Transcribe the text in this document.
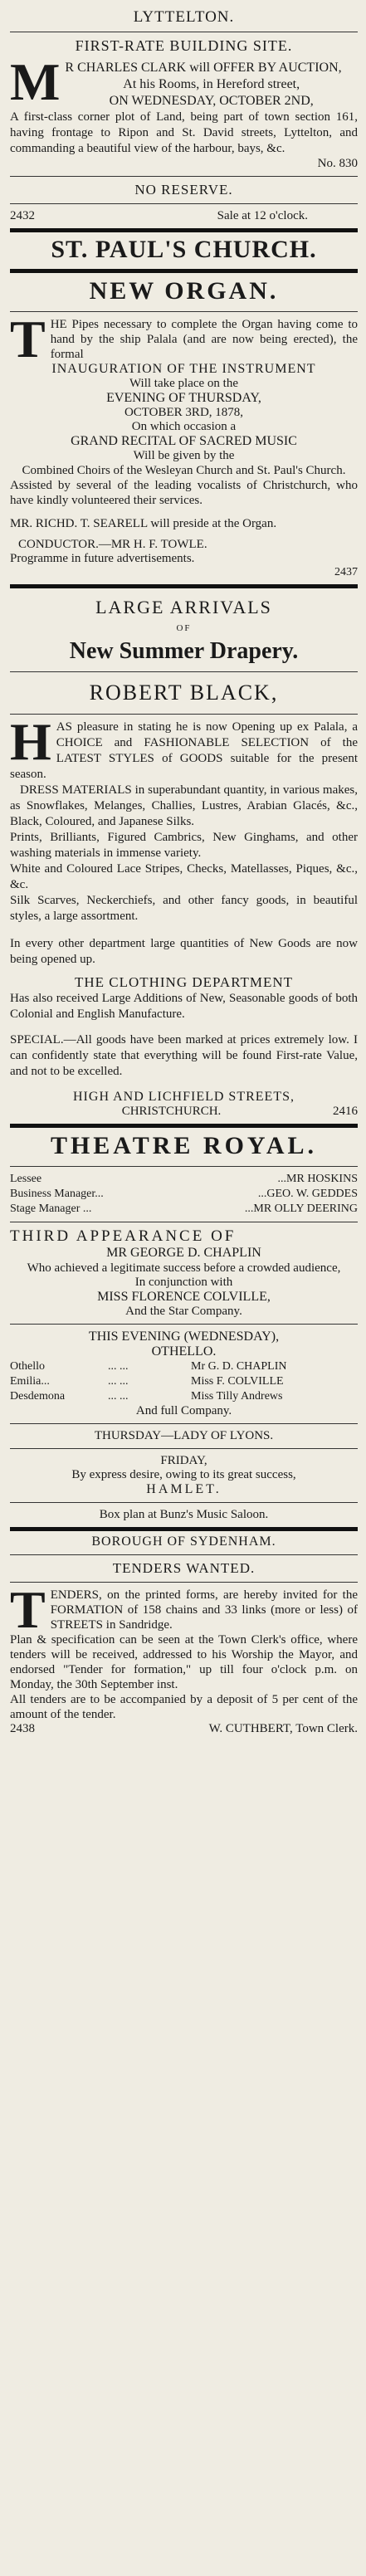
LYTTELTON.
FIRST-RATE BUILDING SITE.
M R CHARLES CLARK will OFFER BY AUCTION,

At his Rooms, in Hereford street,

ON WEDNESDAY, OCTOBER 2ND,

A first-class corner plot of Land, being part of town section 161, having frontage to Ripon and St. David streets, Lyttelton, and commanding a beautiful view of the harbour, bays, &c.

No. 830

NO RESERVE.
2432	Sale at 12 o'clock.
ST. PAUL'S CHURCH.
NEW ORGAN.
T HE Pipes necessary to complete the Organ having come to hand by the ship Palala (and are now being erected), the formal

INAUGURATION OF THE INSTRUMENT

Will take place on the

EVENING OF THURSDAY,

OCTOBER 3RD, 1878,

On which occasion a

GRAND RECITAL OF SACRED MUSIC

Will be given by the

Combined Choirs of the Wesleyan Church and St. Paul's Church.

Assisted by several of the leading vocalists of Christchurch, who have kindly volunteered their services.

MR. RICHD. T. SEARELL will preside at the Organ.

CONDUCTOR.—MR H. F. TOWLE.

Programme in future advertisements.

2437

LARGE ARRIVALS
OF
New Summer Drapery.
ROBERT BLACK,
H AS pleasure in stating he is now Opening up ex Palala, a CHOICE and FASHIONABLE SELECTION of the LATEST STYLES of GOODS suitable for the present season.

DRESS MATERIALS in superabundant quantity, in various makes, as Snowflakes, Melanges, Challies, Lustres, Arabian Glacés, &c., Black, Coloured, and Japanese Silks.

Prints, Brilliants, Figured Cambrics, New Ginghams, and other washing materials in immense variety.

White and Coloured Lace Stripes, Checks, Matellasses, Piques, &c., &c.

Silk Scarves, Neckerchiefs, and other fancy goods, in beautiful styles, a large assortment.

In every other department large quantities of New Goods are now being opened up.

THE CLOTHING DEPARTMENT

Has also received Large Additions of New, Seasonable goods of both Colonial and English Manufacture.

SPECIAL.—All goods have been marked at prices extremely low. I can confidently state that everything will be found First-rate Value, and not to be excelled.

HIGH AND LICHFIELD STREETS,

CHRISTCHURCH.	2416
THEATRE ROYAL.
Lessee	...MR HOSKINS
Business Manager...	...GEO. W. GEDDES
Stage Manager ...	...MR OLLY DEERING

THIRD APPEARANCE OF

MR GEORGE D. CHAPLIN

Who achieved a legitimate success before a crowded audience,

In conjunction with

MISS FLORENCE COLVILLE,

And the Star Company.

THIS EVENING (WEDNESDAY),

OTHELLO.

Othello	... ...	Mr G. D. CHAPLIN
Emilia...	... ...	Miss F. COLVILLE
Desdemona	... ...	Miss Tilly Andrews

And full Company.

THURSDAY—LADY OF LYONS.

FRIDAY,

By express desire, owing to its great success,

HAMLET.

Box plan at Bunz's Music Saloon.

BOROUGH OF SYDENHAM.
TENDERS WANTED.
T ENDERS, on the printed forms, are hereby invited for the FORMATION of 158 chains and 33 links (more or less) of STREETS in Sandridge.

Plan & specification can be seen at the Town Clerk's office, where tenders will be received, addressed to his Worship the Mayor, and endorsed "Tender for formation," up till four o'clock p.m. on Monday, the 30th September inst.

All tenders are to be accompanied by a deposit of 5 per cent of the amount of the tender.

2438	W. CUTHBERT, Town Clerk.
